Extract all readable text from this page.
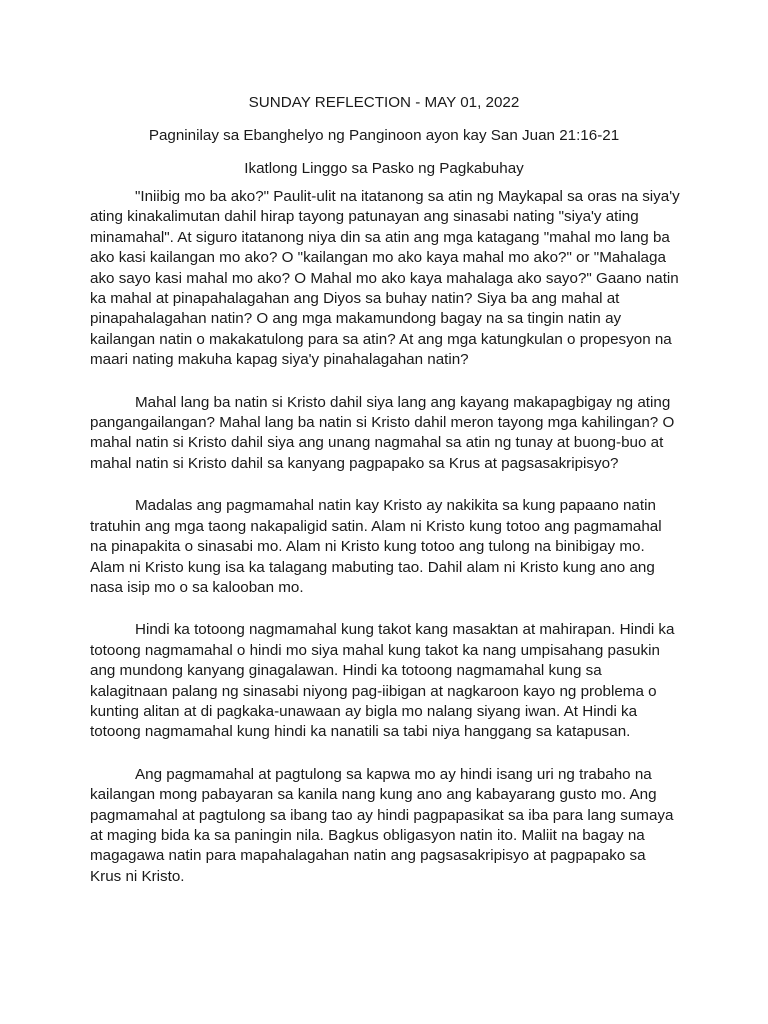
SUNDAY REFLECTION - MAY 01, 2022

Pagninilay sa Ebanghelyo ng Panginoon ayon kay San Juan 21:16-21

Ikatlong Linggo sa Pasko ng Pagkabuhay

"Iniibig mo ba ako?" Paulit-ulit na itatanong sa atin ng Maykapal sa oras na siya'y ating kinakalimutan dahil hirap tayong patunayan ang sinasabi nating "siya'y ating minamahal". At siguro itatanong niya din sa atin ang mga katagang "mahal mo lang ba ako kasi kailangan mo ako? O "kailangan mo ako kaya mahal mo ako?" or "Mahalaga ako sayo kasi mahal mo ako? O Mahal mo ako kaya mahalaga ako sayo?" Gaano natin ka mahal at pinapahalagahan ang Diyos sa buhay natin? Siya ba ang mahal at pinapahalagahan natin? O ang mga makamundong bagay na sa tingin natin ay kailangan natin o makakatulong para sa atin? At ang mga katungkulan o propesyon na maari nating makuha kapag siya'y pinahalagahan natin?

Mahal lang ba natin si Kristo dahil siya lang ang kayang makapagbigay ng ating pangangailangan? Mahal lang ba natin si Kristo dahil meron tayong mga kahilingan? O mahal natin si Kristo dahil siya ang unang nagmahal sa atin ng tunay at buong-buo at mahal natin si Kristo dahil sa kanyang pagpapako sa Krus at pagsasakripisyo?

Madalas ang pagmamahal natin kay Kristo ay nakikita sa kung papaano natin tratuhin ang mga taong nakapaligid satin. Alam ni Kristo kung totoo ang pagmamahal na pinapakita o sinasabi mo. Alam ni Kristo kung totoo ang tulong na binibigay mo. Alam ni Kristo kung isa ka talagang mabuting tao. Dahil alam ni Kristo kung ano ang nasa isip mo o sa kalooban mo.

Hindi ka totoong nagmamahal kung takot kang masaktan at mahirapan. Hindi ka totoong nagmamahal o hindi mo siya mahal kung takot ka nang umpisahang pasukin ang mundong kanyang ginagalawan. Hindi ka totoong nagmamahal kung sa kalagitnaan palang ng sinasabi niyong pag-iibigan at nagkaroon kayo ng problema o kunting alitan at di pagkaka-unawaan ay bigla mo nalang siyang iwan. At Hindi ka totoong nagmamahal kung hindi ka nanatili sa tabi niya hanggang sa katapusan.

Ang pagmamahal at pagtulong sa kapwa mo ay hindi isang uri ng trabaho na kailangan mong pabayaran sa kanila nang kung ano ang kabayarang gusto mo. Ang pagmamahal at pagtulong sa ibang tao ay hindi pagpapasikat sa iba para lang sumaya at maging bida ka sa paningin nila. Bagkus obligasyon natin ito. Maliit na bagay na magagawa natin para mapahalagahan natin ang pagsasakripisyo at pagpapako sa Krus ni Kristo.
